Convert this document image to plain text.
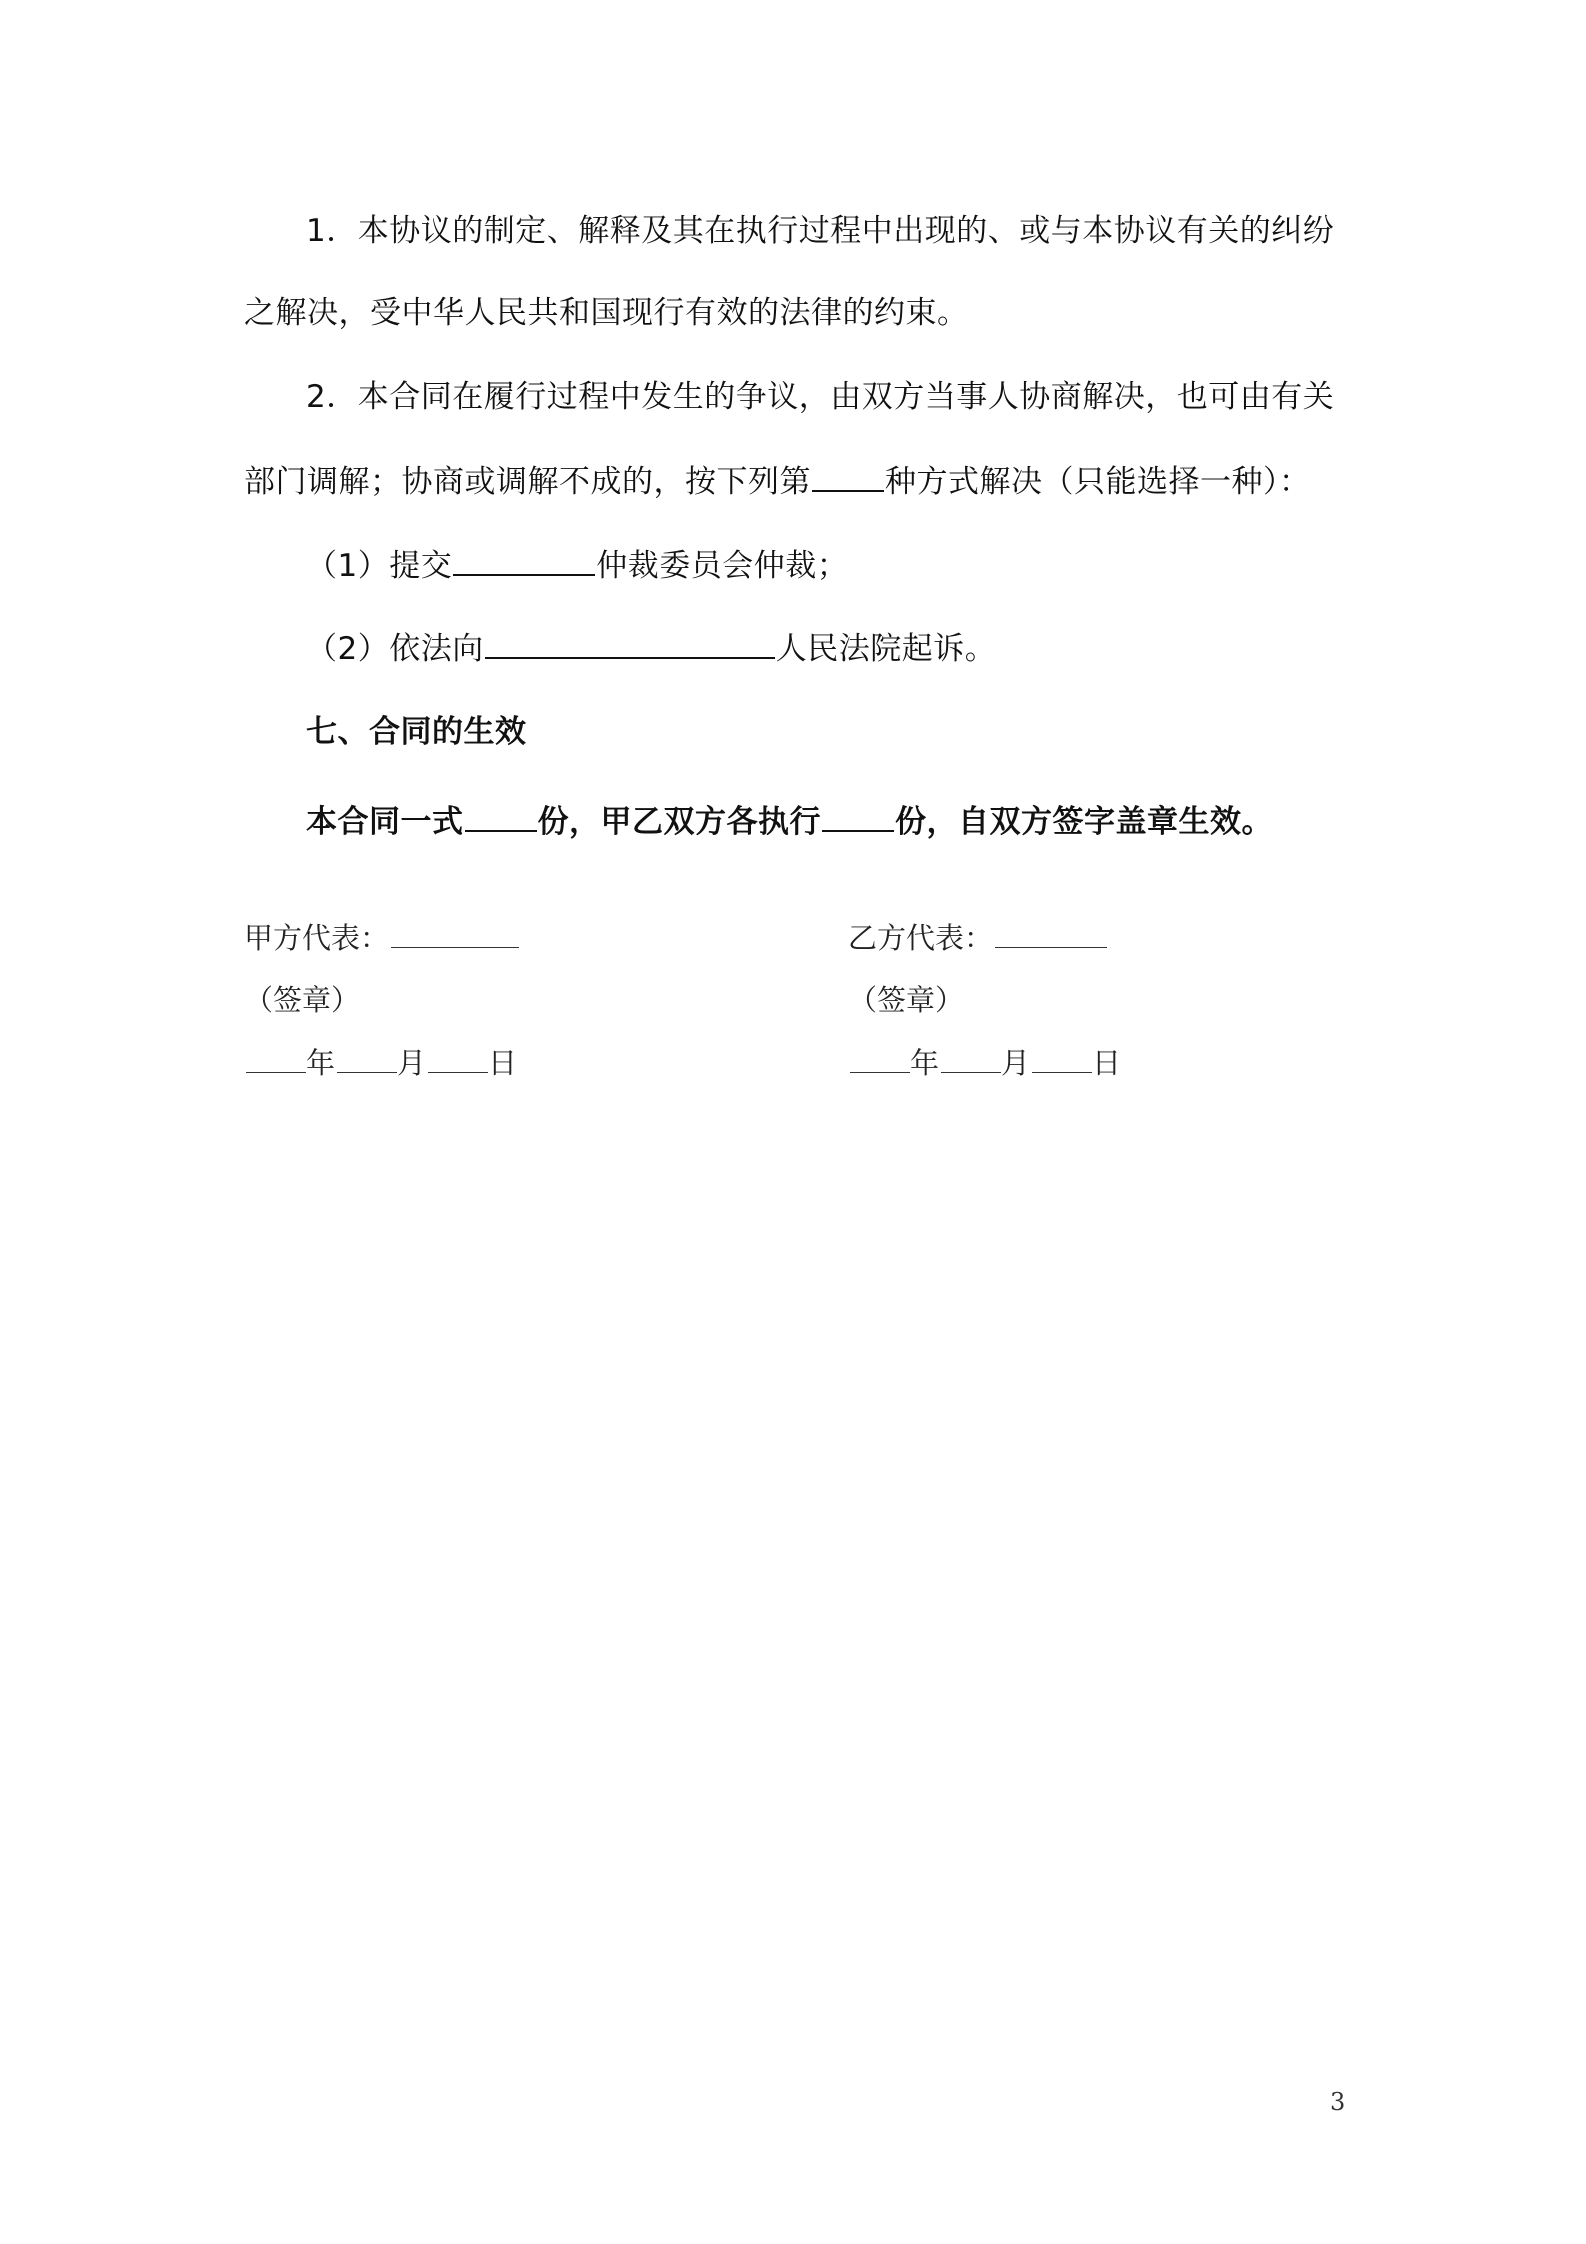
1．本协议的制定、解释及其在执行过程中出现的、或与本协议有关的纠纷
之解决，受中华人民共和国现行有效的法律的约束。
2．本合同在履行过程中发生的争议，由双方当事人协商解决，也可由有关
部门调解；协商或调解不成的，按下列第 种方式解决（只能选择一种）：
（1）提交	仲裁委员会仲裁；
（2）依法向	人民法院起诉。
七、合同的生效
本合同一式 份，甲乙双方各执行 份，自双方签字盖章生效。
甲方代表：
（签章）
年 月 日
乙方代表：
（签章）
年 月 日
3
